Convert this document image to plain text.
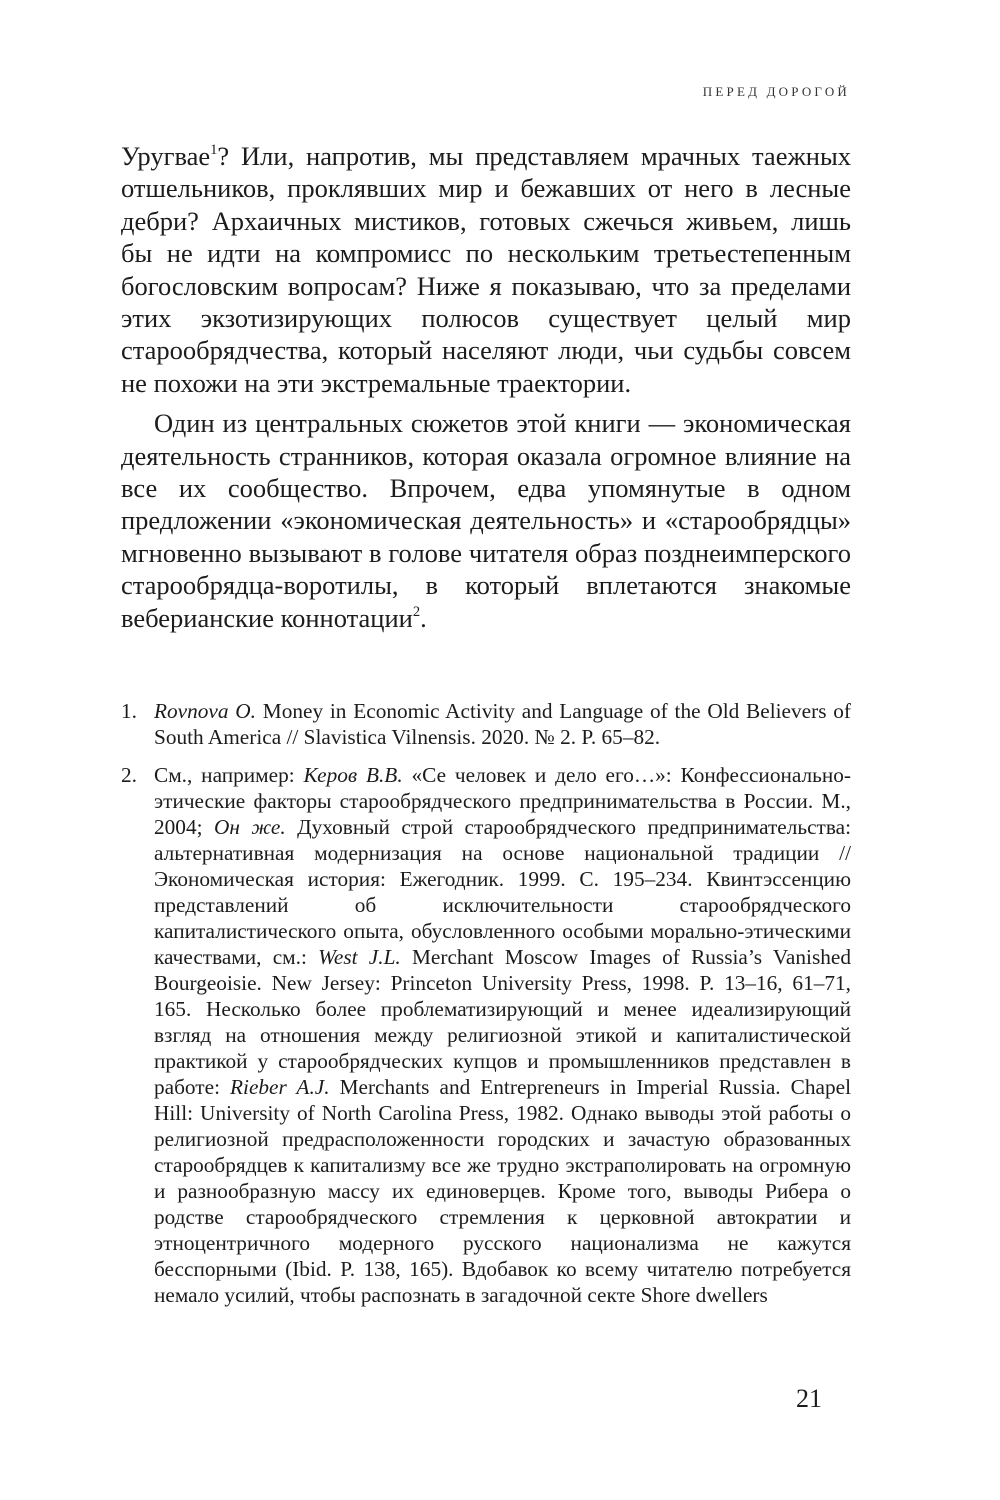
ПЕРЕД ДОРОГОЙ

Уругвае$^1$? Или, напротив, мы представляем мрачных таежных отшельников, проклявших мир и бежавших от него в лесные дебри? Архаичных мистиков, готовых сжечься живьем, лишь бы не идти на компромисс по нескольким третьестепенным богословским вопросам? Ниже я показываю, что за пределами этих экзотизирующих полюсов существует целый мир старообрядчества, который населяют люди, чьи судьбы совсем не похожи на эти экстремальные траектории.

Один из центральных сюжетов этой книги — экономическая деятельность странников, которая оказала огромное влияние на все их сообщество. Впрочем, едва упомянутые в одном предложении «экономическая деятельность» и «старообрядцы» мгновенно вызывают в голове читателя образ позднеимперского старообрядца-воротилы, в который вплетаются знакомые веберианские коннотации$^2$.

1. Rovnova O. Money in Economic Activity and Language of the Old Believers of South America // Slavistica Vilnensis. 2020. № 2. P. 65–82.
2. См., например: Керов В.В. «Се человек и дело его…»: Конфессионально-этические факторы старообрядческого предпринимательства в России. М., 2004; Он же. Духовный строй старообрядческого предпринимательства: альтернативная модернизация на основе национальной традиции // Экономическая история: Ежегодник. 1999. С. 195–234. Квинтэссенцию представлений об исключительности старообрядческого капиталистического опыта, обусловленного особыми морально-этическими качествами, см.: West J.L. Merchant Moscow Images of Russia’s Vanished Bourgeoisie. New Jersey: Princeton University Press, 1998. P. 13–16, 61–71, 165. Несколько более проблематизирующий и менее идеализирующий взгляд на отношения между религиозной этикой и капиталистической практикой у старообрядческих купцов и промышленников представлен в работе: Rieber A.J. Merchants and Entrepreneurs in Imperial Russia. Chapel Hill: University of North Carolina Press, 1982. Однако выводы этой работы о религиозной предрасположенности городских и зачастую образованных старообрядцев к капитализму все же трудно экстраполировать на огромную и разнообразную массу их единоверцев. Кроме того, выводы Рибера о родстве старообрядческого стремления к церковной автократии и этноцентричного модерного русского национализма не кажутся бесспорными (Ibid. P. 138, 165). Вдобавок ко всему читателю потребуется немало усилий, чтобы распознать в загадочной секте Shore dwellers
21
